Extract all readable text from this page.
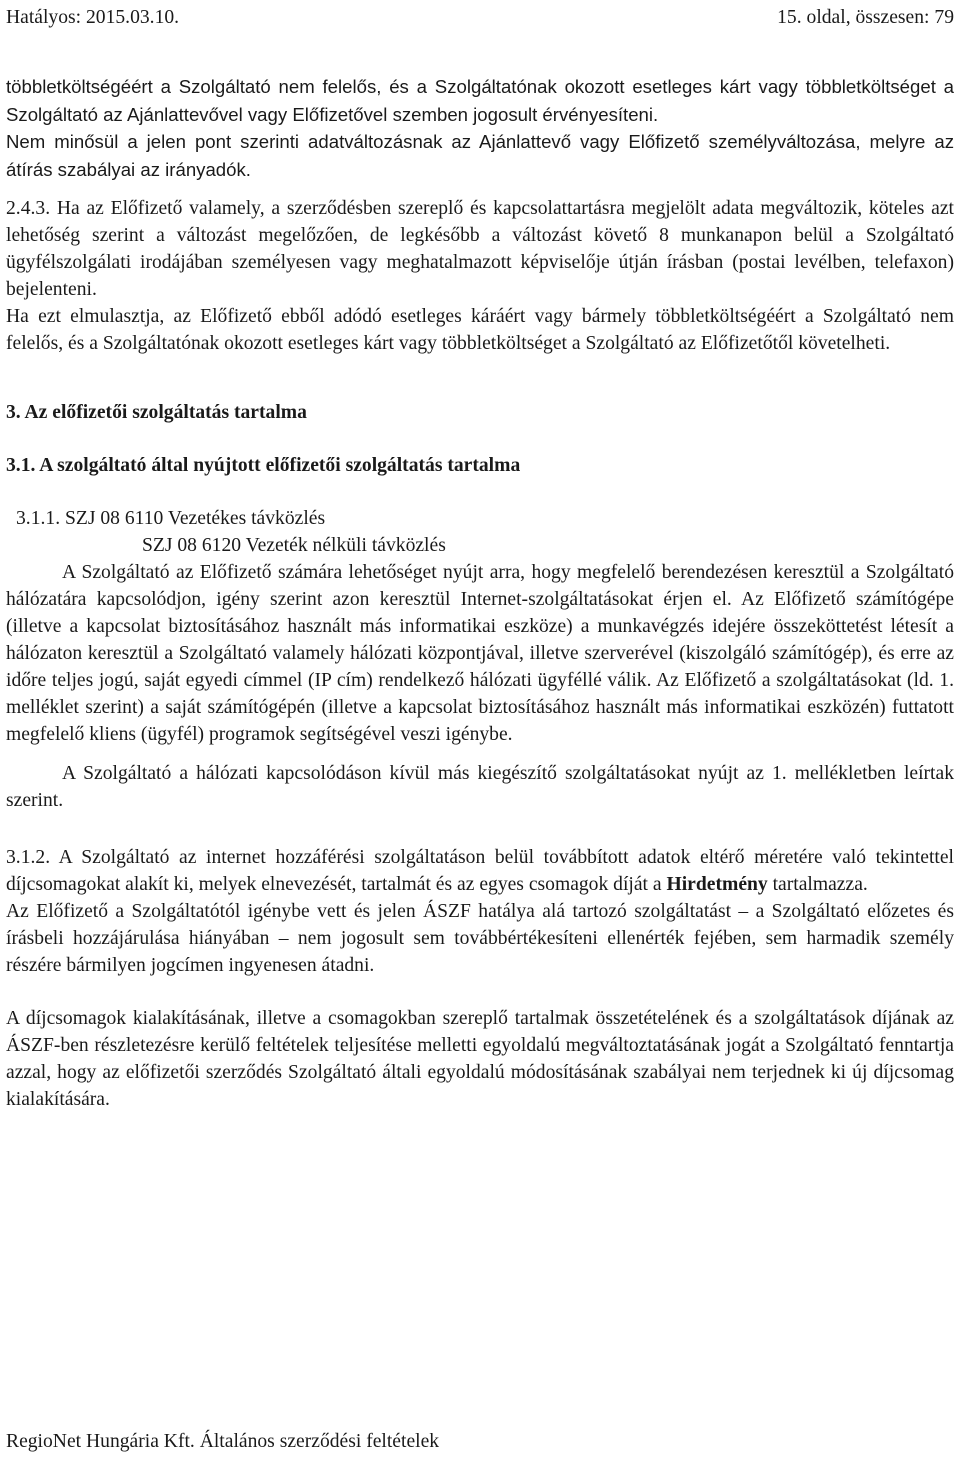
Hatályos: 2015.03.10.	15. oldal, összesen: 79

többletköltségéért a Szolgáltató nem felelős, és a Szolgáltatónak okozott esetleges kárt vagy többletköltséget a Szolgáltató az Ajánlattevővel vagy Előfizetővel szemben jogosult érvényesíteni.

Nem minősül a jelen pont szerinti adatváltozásnak az Ajánlattevő vagy Előfizető személyváltozása, melyre az átírás szabályai az irányadók.

2.4.3. Ha az Előfizető valamely, a szerződésben szereplő és kapcsolattartásra megjelölt adata megváltozik, köteles azt lehetőség szerint a változást megelőzően, de legkésőbb a változást követő 8 munkanapon belül a Szolgáltató ügyfélszolgálati irodájában személyesen vagy meghatalmazott képviselője útján írásban (postai levélben, telefaxon) bejelenteni.

Ha ezt elmulasztja, az Előfizető ebből adódó esetleges káráért vagy bármely többletköltségéért a Szolgáltató nem felelős, és a Szolgáltatónak okozott esetleges kárt vagy többletköltséget a Szolgáltató az Előfizetőtől követelheti.

3. Az előfizetői szolgáltatás tartalma

3.1. A szolgáltató által nyújtott előfizetői szolgáltatás tartalma

3.1.1. SZJ 08 6110 Vezetékes távközlés

SZJ 08 6120 Vezeték nélküli távközlés

A Szolgáltató az Előfizető számára lehetőséget nyújt arra, hogy megfelelő berendezésen keresztül a Szolgáltató hálózatára kapcsolódjon, igény szerint azon keresztül Internet-szolgáltatásokat érjen el. Az Előfizető számítógépe (illetve a kapcsolat biztosításához használt más informatikai eszköze) a munkavégzés idejére összeköttetést létesít a hálózaton keresztül a Szolgáltató valamely hálózati központjával, illetve szerverével (kiszolgáló számítógép), és erre az időre teljes jogú, saját egyedi címmel (IP cím) rendelkező hálózati ügyféllé válik. Az Előfizető a szolgáltatásokat (ld. 1. melléklet szerint) a saját számítógépén (illetve a kapcsolat biztosításához használt más informatikai eszközén) futtatott megfelelő kliens (ügyfél) programok segítségével veszi igénybe.

A Szolgáltató a hálózati kapcsolódáson kívül más kiegészítő szolgáltatásokat nyújt az 1. mellékletben leírtak szerint.

3.1.2. A Szolgáltató az internet hozzáférési szolgáltatáson belül továbbított adatok eltérő méretére való tekintettel díjcsomagokat alakít ki, melyek elnevezését, tartalmát és az egyes csomagok díját a Hirdetmény tartalmazza.

Az Előfizető a Szolgáltatótól igénybe vett és jelen ÁSZF hatálya alá tartozó szolgáltatást – a Szolgáltató előzetes és írásbeli hozzájárulása hiányában – nem jogosult sem továbbértékesíteni ellenérték fejében, sem harmadik személy részére bármilyen jogcímen ingyenesen átadni.

A díjcsomagok kialakításának, illetve a csomagokban szereplő tartalmak összetételének és a szolgáltatások díjának az ÁSZF-ben részletezésre kerülő feltételek teljesítése melletti egyoldalú megváltoztatásának jogát a Szolgáltató fenntartja azzal, hogy az előfizetői szerződés Szolgáltató általi egyoldalú módosításának szabályai nem terjednek ki új díjcsomag kialakítására.

RegioNet Hungária Kft. Általános szerződési feltételek
